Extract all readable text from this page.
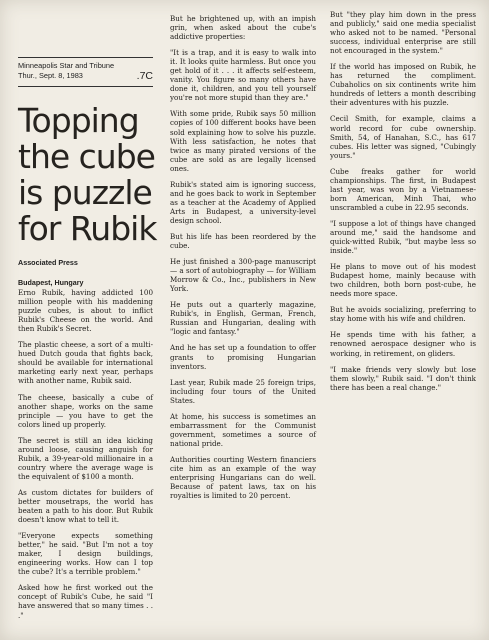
Minneapolis Star and Tribune
Thur., Sept. 8, 1983	.7C
Topping
the cube
is puzzle
for Rubik
Associated Press

Budapest, Hungary

Erno Rubik, having addicted 100 million people with his maddening puzzle cubes, is about to inflict Rubik's Cheese on the world. And then Rubik's Secret.

The plastic cheese, a sort of a multi-hued Dutch gouda that fights back, should be available for international marketing early next year, perhaps with another name, Rubik said.

The cheese, basically a cube of another shape, works on the same principle — you have to get the colors lined up properly.

The secret is still an idea kicking around loose, causing anguish for Rubik, a 39-year-old millionaire in a country where the average wage is the equivalent of $100 a month.

As custom dictates for builders of better mousetraps, the world has beaten a path to his door. But Rubik doesn't know what to tell it.

"Everyone expects something better," he said. "But I'm not a toy maker, I design buildings, engineering works. How can I top the cube? It's a terrible problem."

Asked how he first worked out the concept of Rubik's Cube, he said "I have answered that so many times . . ."

But he brightened up, with an impish grin, when asked about the cube's addictive properties:

"It is a trap, and it is easy to walk into it. It looks quite harmless. But once you get hold of it . . . it affects self-esteem, vanity. You figure so many others have done it, children, and you tell yourself you're not more stupid than they are."

With some pride, Rubik says 50 million copies of 100 different books have been sold explaining how to solve his puzzle. With less satisfaction, he notes that twice as many pirated versions of the cube are sold as are legally licensed ones.

Rubik's stated aim is ignoring success, and he goes back to work in September as a teacher at the Academy of Applied Arts in Budapest, a university-level design school.

But his life has been reordered by the cube.

He just finished a 300-page manuscript — a sort of autobiography — for William Morrow & Co., Inc., publishers in New York.

He puts out a quarterly magazine, Rubik's, in English, German, French, Russian and Hungarian, dealing with "logic and fantasy."

And he has set up a foundation to offer grants to promising Hungarian inventors.

Last year, Rubik made 25 foreign trips, including four tours of the United States.

At home, his success is sometimes an embarrassment for the Communist government, sometimes a source of national pride.

Authorities courting Western financiers cite him as an example of the way enterprising Hungarians can do well. Because of patent laws, tax on his royalties is limited to 20 percent.

But "they play him down in the press and publicly," said one media specialist who asked not to be named. "Personal success, individual enterprise are still not encouraged in the system."

If the world has imposed on Rubik, he has returned the compliment. Cubaholics on six continents write him hundreds of letters a month describing their adventures with his puzzle.

Cecil Smith, for example, claims a world record for cube ownership. Smith, 54, of Hanahan, S.C., has 617 cubes. His letter was signed, "Cubingly yours."

Cube freaks gather for world championships. The first, in Budapest last year, was won by a Vietnamese-born American, Minh Thai, who unscrambled a cube in 22.95 seconds.

"I suppose a lot of things have changed around me," said the handsome and quick-witted Rubik, "but maybe less so inside."

He plans to move out of his modest Budapest home, mainly because with two children, both born post-cube, he needs more space.

But he avoids socializing, preferring to stay home with his wife and children.

He spends time with his father, a renowned aerospace designer who is working, in retirement, on gliders.

"I make friends very slowly but lose them slowly," Rubik said. "I don't think there has been a real change."
